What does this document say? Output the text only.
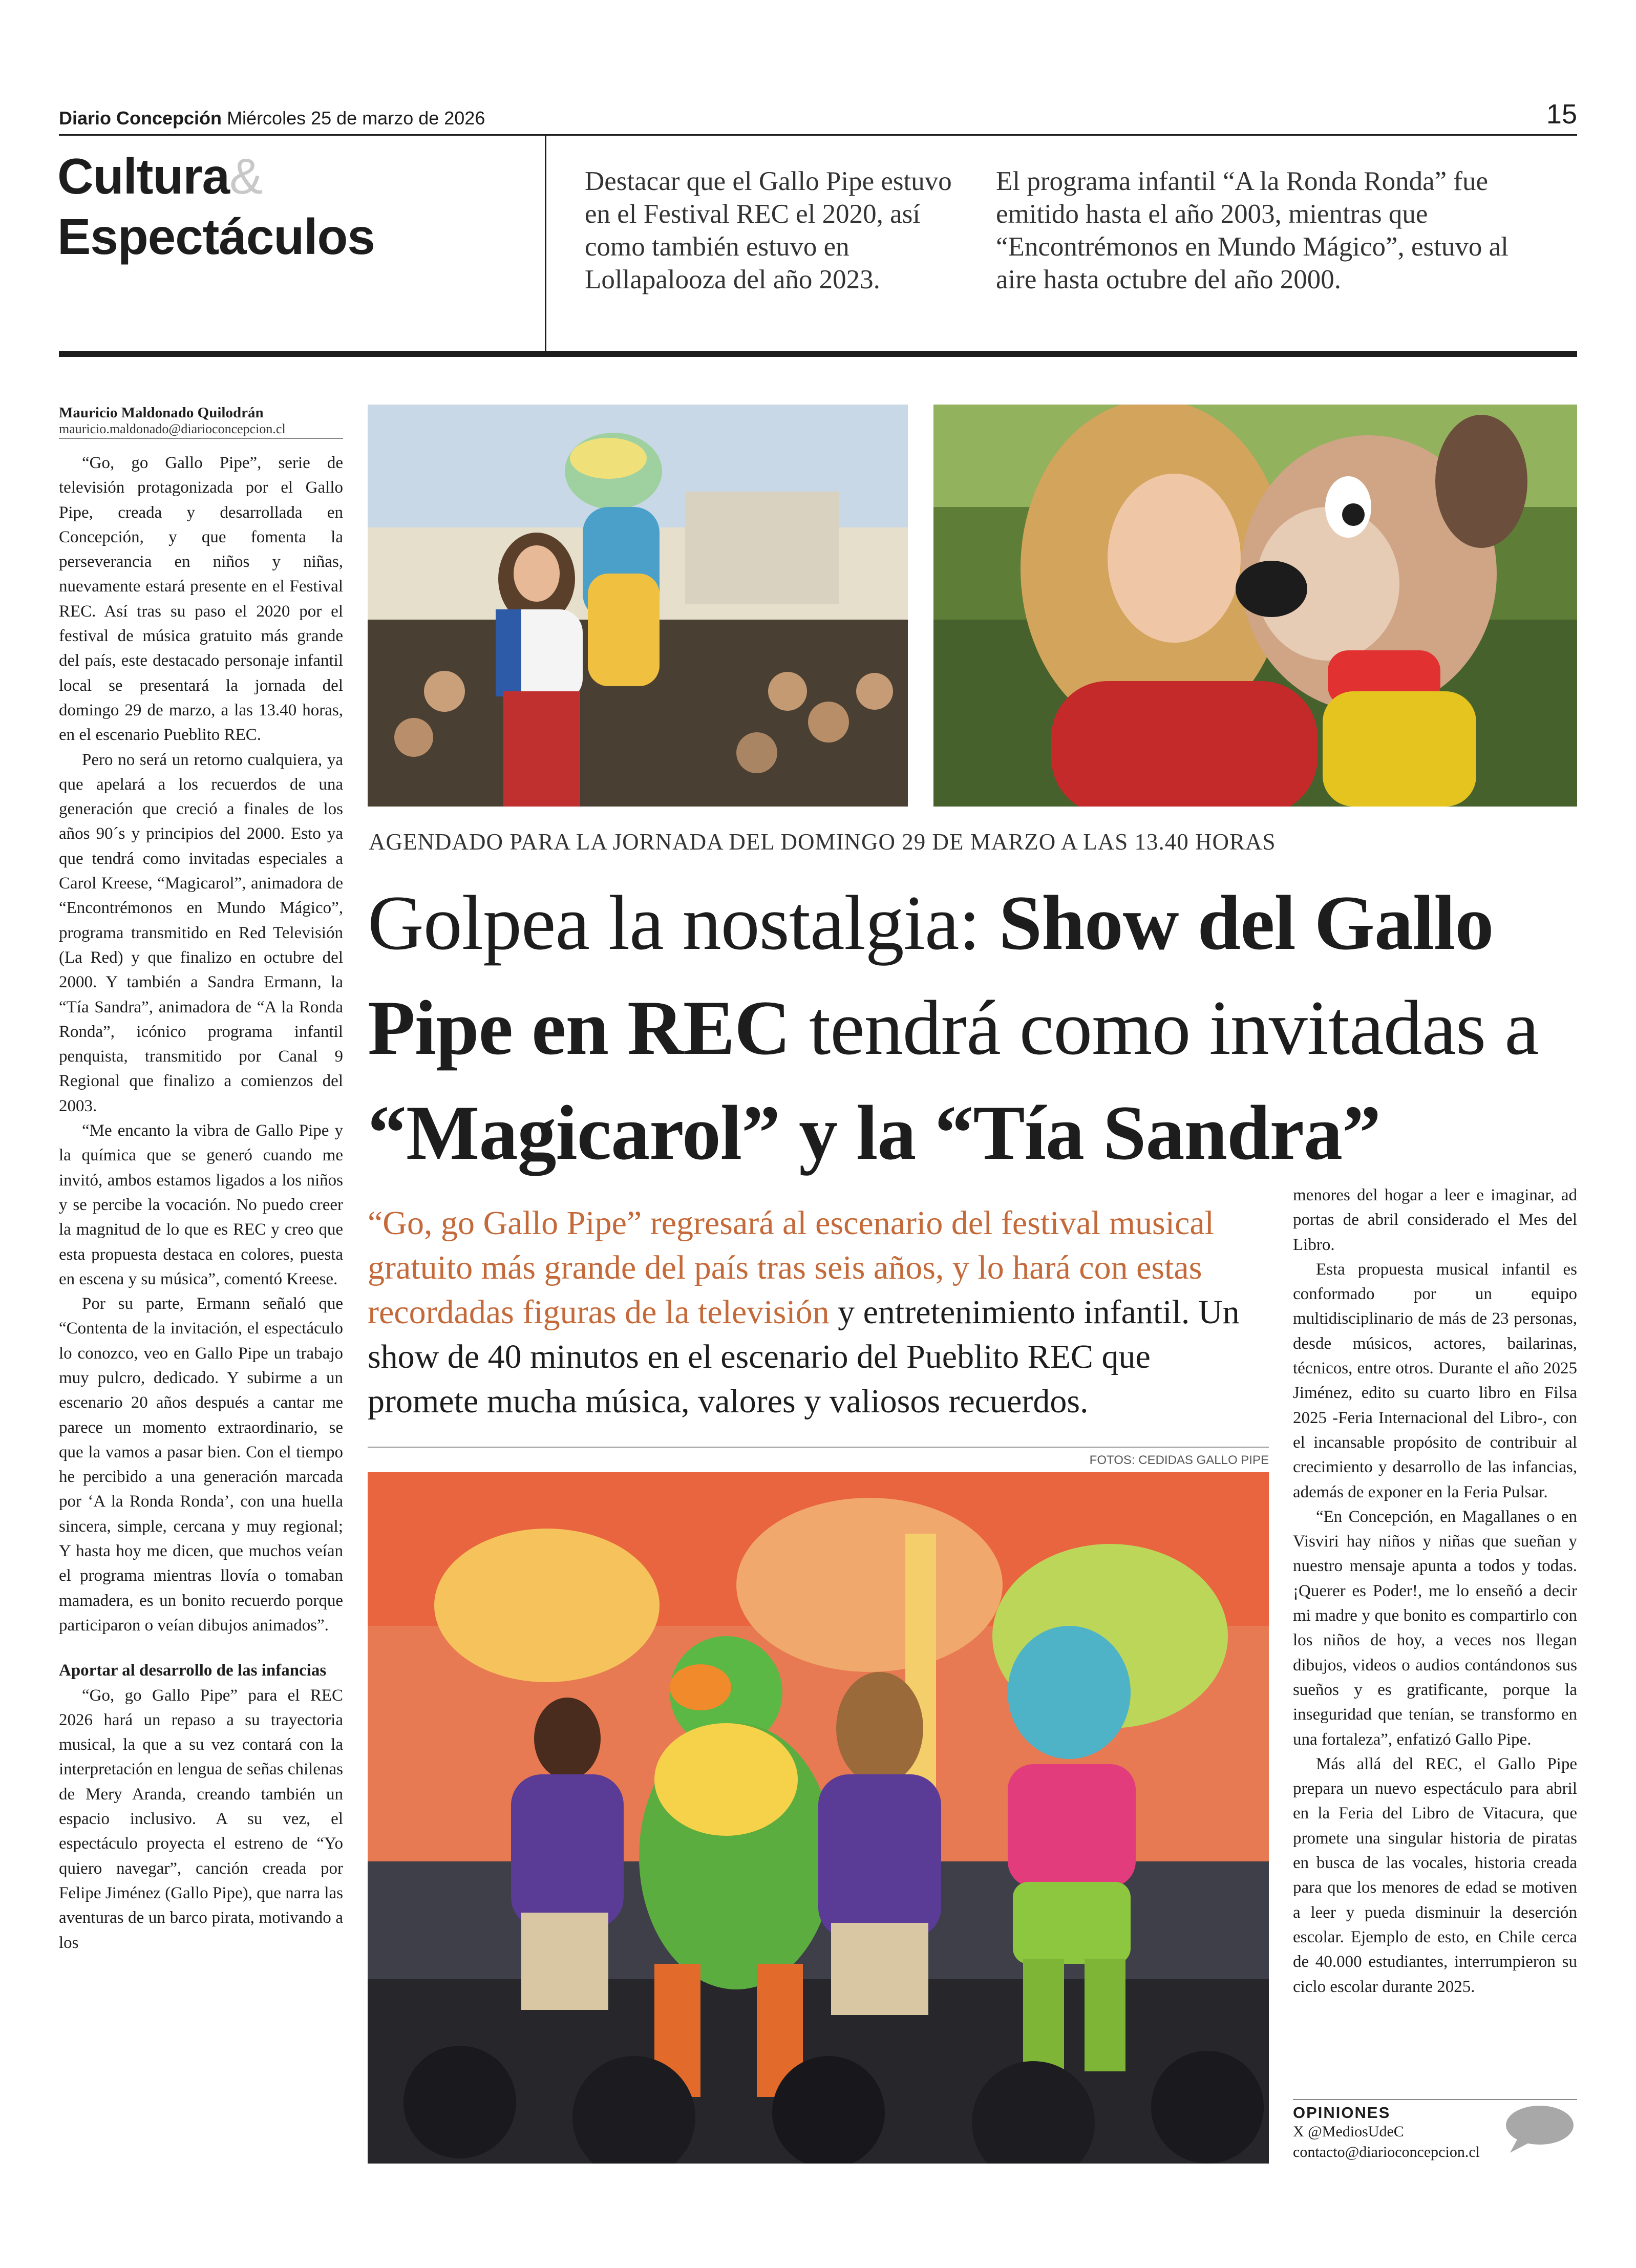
Diario Concepción Miércoles 25 de marzo de 2026	15
Cultura&
Espectáculos
Destacar que el Gallo Pipe estuvo en el Festival REC el 2020, así como también estuvo en Lollapalooza del año 2023.
El programa infantil “A la Ronda Ronda” fue emitido hasta el año 2003, mientras que “Encontrémonos en Mundo Mágico”, estuvo al aire hasta octubre del año 2000.
Mauricio Maldonado Quilodrán
mauricio.maldonado@diarioconcepcion.cl

“Go, go Gallo Pipe”, serie de televisión protagonizada por el Gallo Pipe, creada y desarrollada en Concepción, y que fomenta la perseverancia en niños y niñas, nuevamente estará presente en el Festival REC. Así tras su paso el 2020 por el festival de música gratuito más grande del país, este destacado personaje infantil local se presentará la jornada del domingo 29 de marzo, a las 13.40 horas, en el escenario Pueblito REC.

Pero no será un retorno cualquiera, ya que apelará a los recuerdos de una generación que creció a finales de los años 90´s y principios del 2000. Esto ya que tendrá como invitadas especiales a Carol Kreese, “Magicarol”, animadora de “Encontrémonos en Mundo Mágico”, programa transmitido en Red Televisión (La Red) y que finalizo en octubre del 2000. Y también a Sandra Ermann, la “Tía Sandra”, animadora de “A la Ronda Ronda”, icónico programa infantil penquista, transmitido por Canal 9 Regional que finalizo a comienzos del 2003.

“Me encanto la vibra de Gallo Pipe y la química que se generó cuando me invitó, ambos estamos ligados a los niños y se percibe la vocación. No puedo creer la magnitud de lo que es REC y creo que esta propuesta destaca en colores, puesta en escena y su música”, comentó Kreese.

Por su parte, Ermann señaló que “Contenta de la invitación, el espectáculo lo conozco, veo en Gallo Pipe un trabajo muy pulcro, dedicado. Y subirme a un escenario 20 años después a cantar me parece un momento extraordinario, se que la vamos a pasar bien. Con el tiempo he percibido a una generación marcada por ‘A la Ronda Ronda’, con una huella sincera, simple, cercana y muy regional; Y hasta hoy me dicen, que muchos veían el programa mientras llovía o tomaban mamadera, es un bonito recuerdo porque participaron o veían dibujos animados”.

Aportar al desarrollo de las infancias

“Go, go Gallo Pipe” para el REC 2026 hará un repaso a su trayectoria musical, la que a su vez contará con la interpretación en lengua de señas chilenas de Mery Aranda, creando también un espacio inclusivo. A su vez, el espectáculo proyecta el estreno de “Yo quiero navegar”, canción creada por Felipe Jiménez (Gallo Pipe), que narra las aventuras de un barco pirata, motivando a los

AGENDADO PARA LA JORNADA DEL DOMINGO 29 DE MARZO A LAS 13.40 HORAS
Golpea la nostalgia: Show del Gallo Pipe en REC tendrá como invitadas a “Magicarol” y la “Tía Sandra”
“Go, go Gallo Pipe” regresará al escenario del festival musical gratuito más grande del país tras seis años, y lo hará con estas recordadas figuras de la televisión y entretenimiento infantil. Un show de 40 minutos en el escenario del Pueblito REC que promete mucha música, valores y valiosos recuerdos.
FOTOS: CEDIDAS GALLO PIPE

menores del hogar a leer e imaginar, ad portas de abril considerado el Mes del Libro.

Esta propuesta musical infantil es conformado por un equipo multidisciplinario de más de 23 personas, desde músicos, actores, bailarinas, técnicos, entre otros. Durante el año 2025 Jiménez, edito su cuarto libro en Filsa 2025 -Feria Internacional del Libro-, con el incansable propósito de contribuir al crecimiento y desarrollo de las infancias, además de exponer en la Feria Pulsar.

“En Concepción, en Magallanes o en Visviri hay niños y niñas que sueñan y nuestro mensaje apunta a todos y todas. ¡Querer es Poder!, me lo enseñó a decir mi madre y que bonito es compartirlo con los niños de hoy, a veces nos llegan dibujos, videos o audios contándonos sus sueños y es gratificante, porque la inseguridad que tenían, se transformo en una fortaleza”, enfatizó Gallo Pipe.

Más allá del REC, el Gallo Pipe prepara un nuevo espectáculo para abril en la Feria del Libro de Vitacura, que promete una singular historia de piratas en busca de las vocales, historia creada para que los menores de edad se motiven a leer y pueda disminuir la deserción escolar. Ejemplo de esto, en Chile cerca de 40.000 estudiantes, interrumpieron su ciclo escolar durante 2025.

OPINIONES
X @MediosUdeC
contacto@diarioconcepcion.cl
